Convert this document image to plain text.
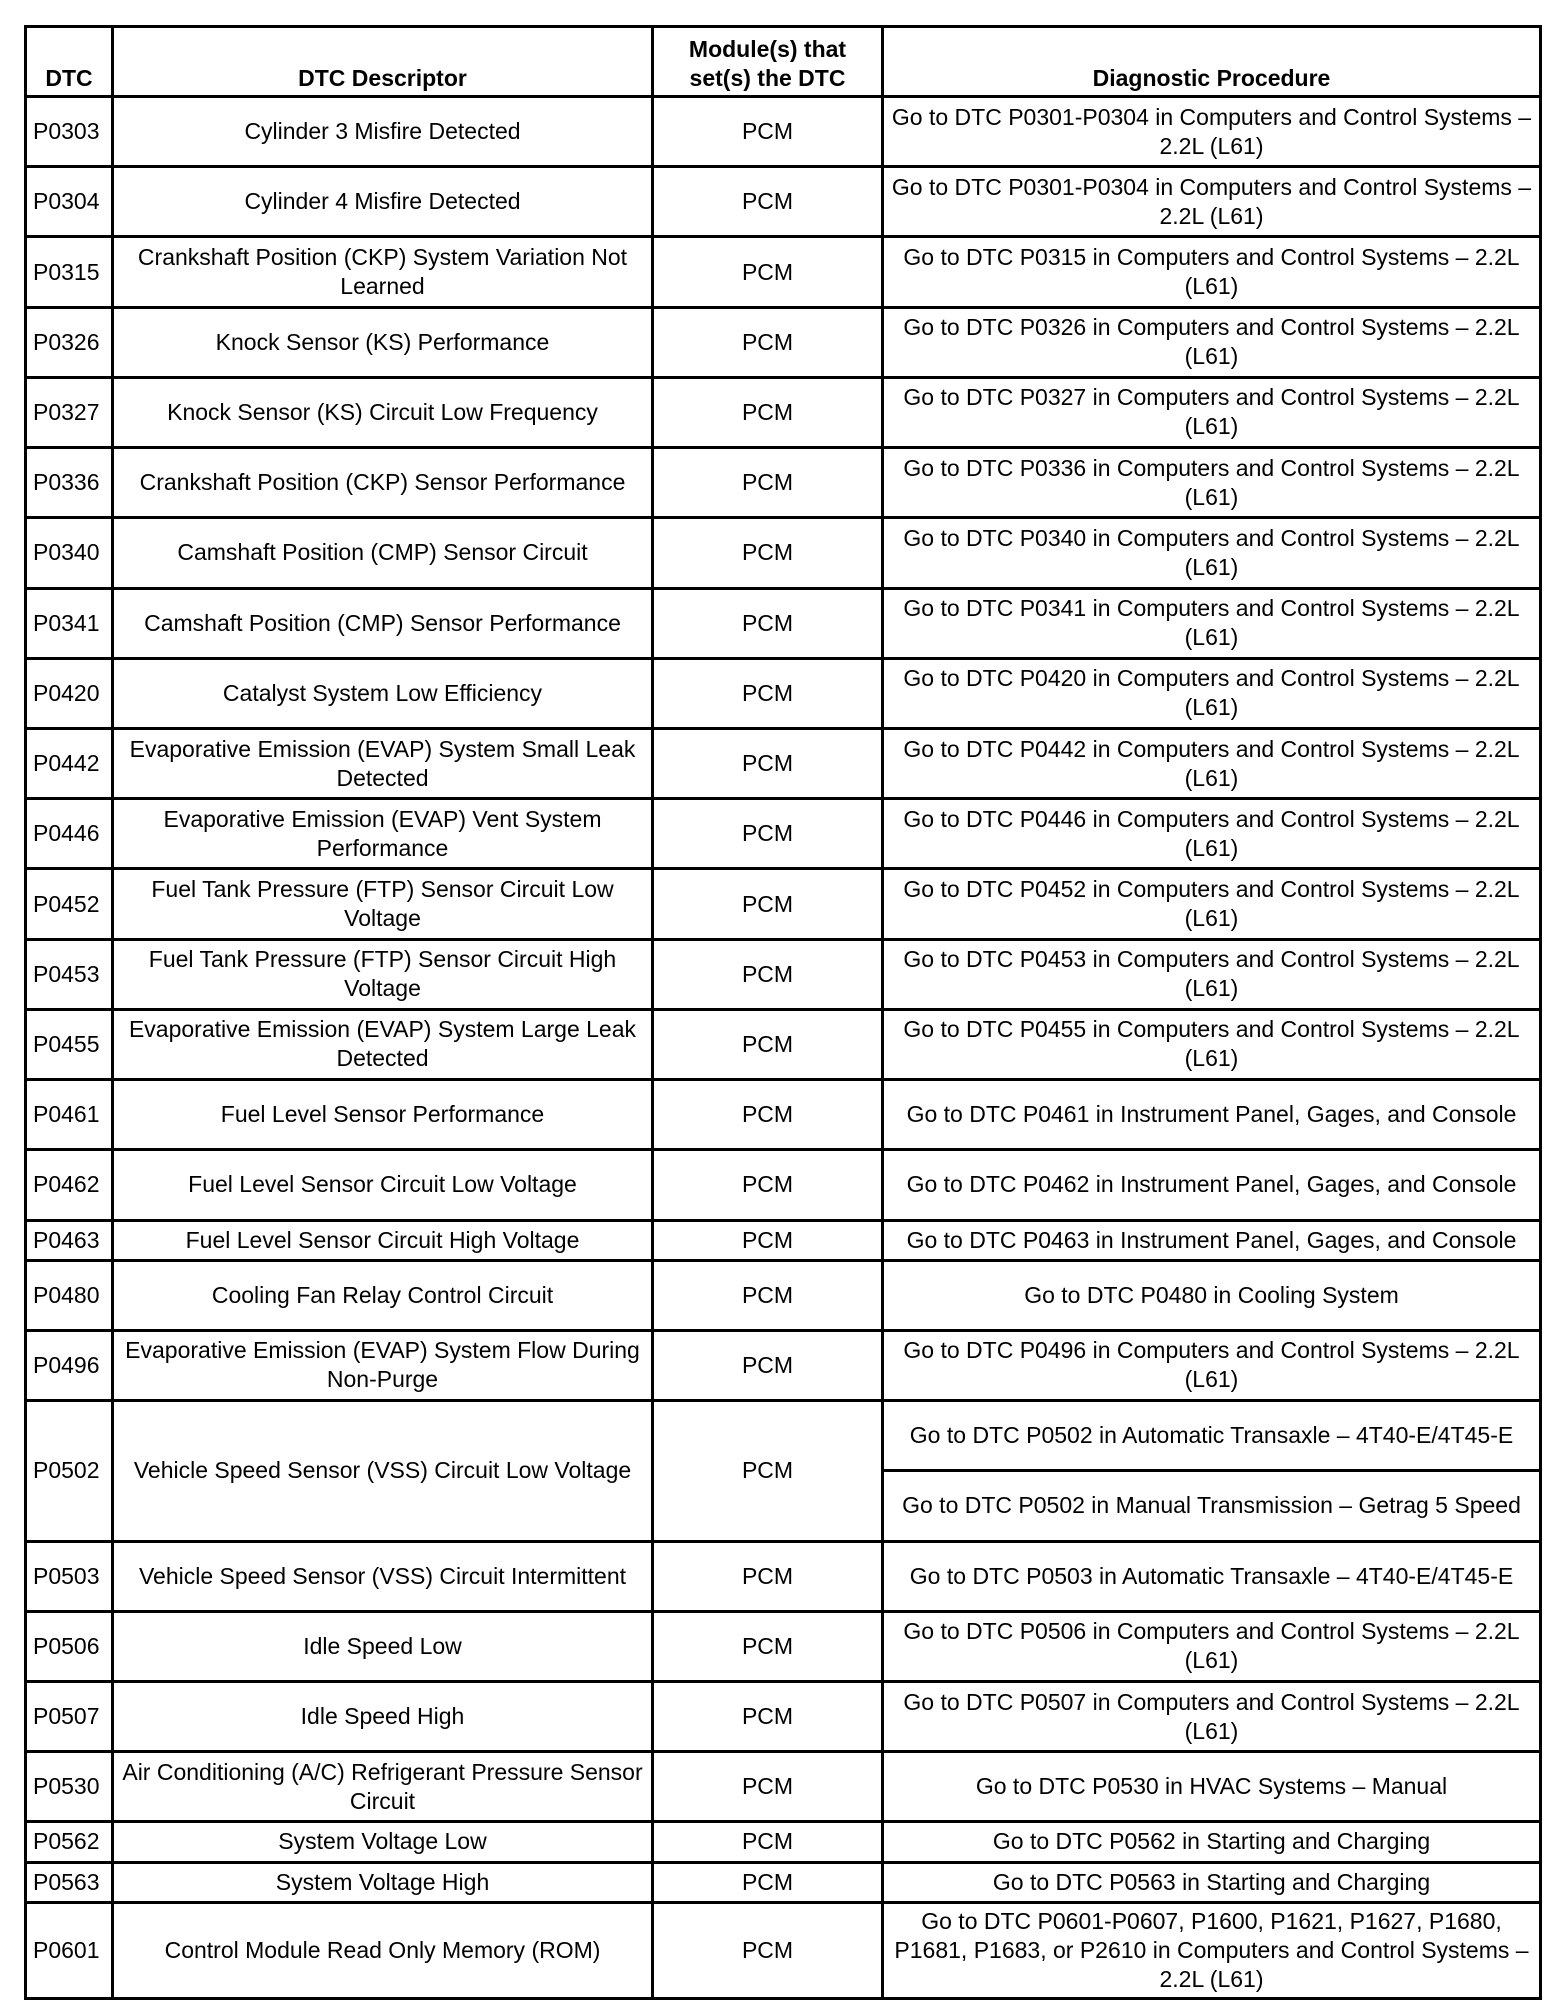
DTC	DTC Descriptor	Module(s) that set(s) the DTC	Diagnostic Procedure
P0303	Cylinder 3 Misfire Detected	PCM	Go to DTC P0301-P0304 in Computers and Control Systems – 2.2L (L61)
P0304	Cylinder 4 Misfire Detected	PCM	Go to DTC P0301-P0304 in Computers and Control Systems – 2.2L (L61)
P0315	Crankshaft Position (CKP) System Variation Not Learned	PCM	Go to DTC P0315 in Computers and Control Systems – 2.2L (L61)
P0326	Knock Sensor (KS) Performance	PCM	Go to DTC P0326 in Computers and Control Systems – 2.2L (L61)
P0327	Knock Sensor (KS) Circuit Low Frequency	PCM	Go to DTC P0327 in Computers and Control Systems – 2.2L (L61)
P0336	Crankshaft Position (CKP) Sensor Performance	PCM	Go to DTC P0336 in Computers and Control Systems – 2.2L (L61)
P0340	Camshaft Position (CMP) Sensor Circuit	PCM	Go to DTC P0340 in Computers and Control Systems – 2.2L (L61)
P0341	Camshaft Position (CMP) Sensor Performance	PCM	Go to DTC P0341 in Computers and Control Systems – 2.2L (L61)
P0420	Catalyst System Low Efficiency	PCM	Go to DTC P0420 in Computers and Control Systems – 2.2L (L61)
P0442	Evaporative Emission (EVAP) System Small Leak Detected	PCM	Go to DTC P0442 in Computers and Control Systems – 2.2L (L61)
P0446	Evaporative Emission (EVAP) Vent System Performance	PCM	Go to DTC P0446 in Computers and Control Systems – 2.2L (L61)
P0452	Fuel Tank Pressure (FTP) Sensor Circuit Low Voltage	PCM	Go to DTC P0452 in Computers and Control Systems – 2.2L (L61)
P0453	Fuel Tank Pressure (FTP) Sensor Circuit High Voltage	PCM	Go to DTC P0453 in Computers and Control Systems – 2.2L (L61)
P0455	Evaporative Emission (EVAP) System Large Leak Detected	PCM	Go to DTC P0455 in Computers and Control Systems – 2.2L (L61)
P0461	Fuel Level Sensor Performance	PCM	Go to DTC P0461 in Instrument Panel, Gages, and Console
P0462	Fuel Level Sensor Circuit Low Voltage	PCM	Go to DTC P0462 in Instrument Panel, Gages, and Console
P0463	Fuel Level Sensor Circuit High Voltage	PCM	Go to DTC P0463 in Instrument Panel, Gages, and Console
P0480	Cooling Fan Relay Control Circuit	PCM	Go to DTC P0480 in Cooling System
P0496	Evaporative Emission (EVAP) System Flow During Non-Purge	PCM	Go to DTC P0496 in Computers and Control Systems – 2.2L (L61)
P0502	Vehicle Speed Sensor (VSS) Circuit Low Voltage	PCM	Go to DTC P0502 in Automatic Transaxle – 4T40-E/4T45-E
			Go to DTC P0502 in Manual Transmission – Getrag 5 Speed
P0503	Vehicle Speed Sensor (VSS) Circuit Intermittent	PCM	Go to DTC P0503 in Automatic Transaxle – 4T40-E/4T45-E
P0506	Idle Speed Low	PCM	Go to DTC P0506 in Computers and Control Systems – 2.2L (L61)
P0507	Idle Speed High	PCM	Go to DTC P0507 in Computers and Control Systems – 2.2L (L61)
P0530	Air Conditioning (A/C) Refrigerant Pressure Sensor Circuit	PCM	Go to DTC P0530 in HVAC Systems – Manual
P0562	System Voltage Low	PCM	Go to DTC P0562 in Starting and Charging
P0563	System Voltage High	PCM	Go to DTC P0563 in Starting and Charging
P0601	Control Module Read Only Memory (ROM)	PCM	Go to DTC P0601-P0607, P1600, P1621, P1627, P1680, P1681, P1683, or P2610 in Computers and Control Systems – 2.2L (L61)
